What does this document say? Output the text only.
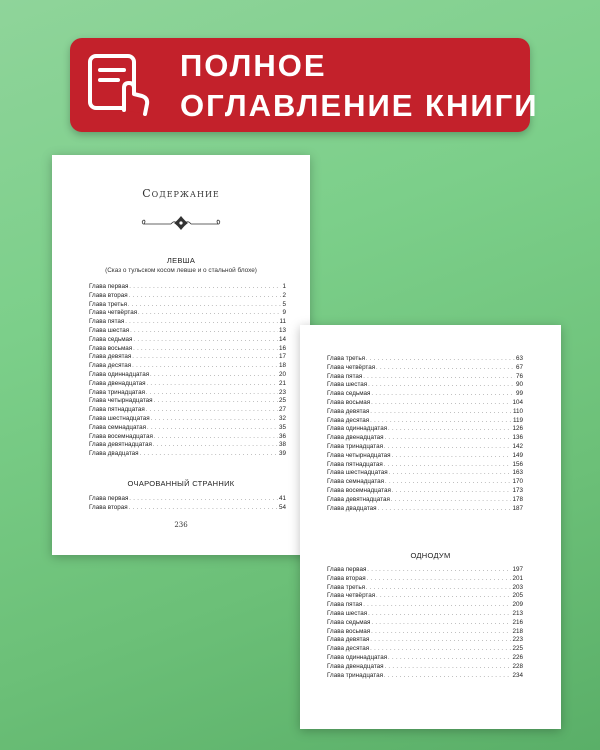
ПОЛНОЕ
ОГЛАВЛЕНИЕ КНИГИ
Содержание
ЛЕВША
(Сказ о тульском косом левше и о стальной блохе)
Глава первая . . .	1
Глава вторая . . .	2
Глава третья . . .	5
Глава четвёртая . . .	9
Глава пятая . . .	11
Глава шестая . . .	13
Глава седьмая . . .	14
Глава восьмая . . .	16
Глава девятая . . .	17
Глава десятая . . .	18
Глава одиннадцатая . . .	20
Глава двенадцатая . . .	21
Глава тринадцатая . . .	23
Глава четырнадцатая . . .	25
Глава пятнадцатая . . .	27
Глава шестнадцатая . . .	32
Глава семнадцатая . . .	35
Глава восемнадцатая . . .	36
Глава девятнадцатая . . .	38
Глава двадцатая . . .	39
ОЧАРОВАННЫЙ СТРАННИК
Глава первая . . .	41
Глава вторая . . .	54
236
Глава третья . . .	63
Глава четвёртая . . .	67
Глава пятая . . .	76
Глава шестая . . .	90
Глава седьмая . . .	99
Глава восьмая . . .	104
Глава девятая . . .	110
Глава десятая . . .	119
Глава одиннадцатая . . .	126
Глава двенадцатая . . .	136
Глава тринадцатая . . .	142
Глава четырнадцатая . . .	149
Глава пятнадцатая . . .	156
Глава шестнадцатая . . .	163
Глава семнадцатая . . .	170
Глава восемнадцатая . . .	173
Глава девятнадцатая . . .	178
Глава двадцатая . . .	187
ОДНОДУМ
Глава первая . . .	197
Глава вторая . . .	201
Глава третья . . .	203
Глава четвёртая . . .	205
Глава пятая . . .	209
Глава шестая . . .	213
Глава седьмая . . .	216
Глава восьмая . . .	218
Глава девятая . . .	223
Глава десятая . . .	225
Глава одиннадцатая . . .	226
Глава двенадцатая . . .	228
Глава тринадцатая . . .	234
